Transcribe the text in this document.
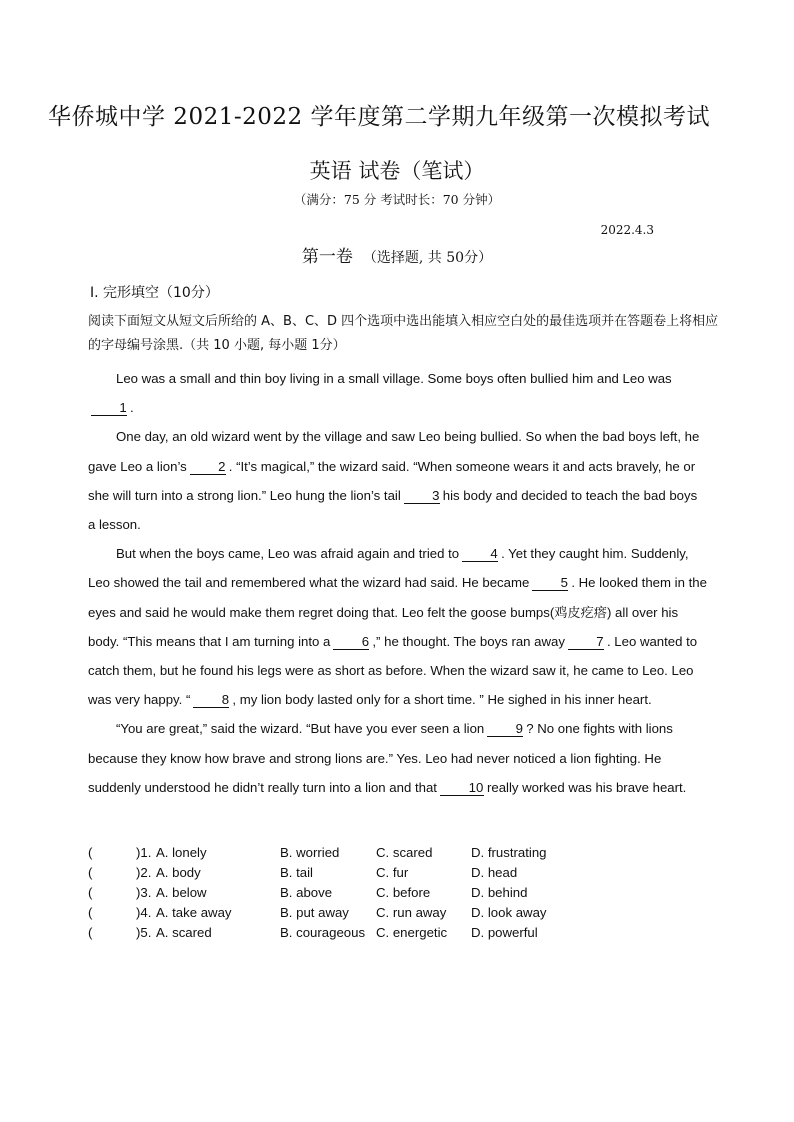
华侨城中学 2021-2022 学年度第二学期九年级第一次模拟考试
英语 试卷（笔试）
（满分：75 分 考试时长：70 分钟）
2022.4.3
第一卷 （选择题, 共 50分）
I. 完形填空（10分）
阅读下面短文从短文后所给的 A、B、C、D 四个选项中选出能填入相应空白处的最佳选项并在答题卷上将相应的字母编号涂黑.（共 10 小题, 每小题 1分）

Leo was a small and thin boy living in a small village. Some boys often bullied him and Leo was1 .

One day, an old wizard went by the village and saw Leo being bullied. So when the bad boys left, he gave Leo a lion’s 2 . “It’s magical,” the wizard said. “When someone wears it and acts bravely, he or she will turn into a strong lion.” Leo hung the lion’s tail 3 his body and decided to teach the bad boys a lesson.

But when the boys came, Leo was afraid again and tried to 4 . Yet they caught him. Suddenly, Leo showed the tail and remembered what the wizard had said. He became 5 . He looked them in the eyes and said he would make them regret doing that. Leo felt the goose bumps(鸡皮疙瘩) all over his body. “This means that I am turning into a 6 ,” he thought. The boys ran away 7 . Leo wanted to catch them, but he found his legs were as short as before. When the wizard saw it, he came to Leo. Leo was very happy. “ 8 , my lion body lasted only for a short time. ” He sighed in his inner heart.

“You are great,” said the wizard. “But have you ever seen a lion 9 ? No one fights with lions because they know how brave and strong lions are.” Yes. Leo had never noticed a lion fighting. He suddenly understood he didn’t really turn into a lion and that 10 really worked was his brave heart.

(	)1. A. lonely	B. worried	C. scared	D. frustrating
(	)2. A. body	B. tail	C. fur	D. head
(	)3. A. below	B. above	C. before	D. behind
(	)4. A. take away	B. put away C. run away D. look away
(	)5. A. scared	B. courageous C. energetic D. powerful
